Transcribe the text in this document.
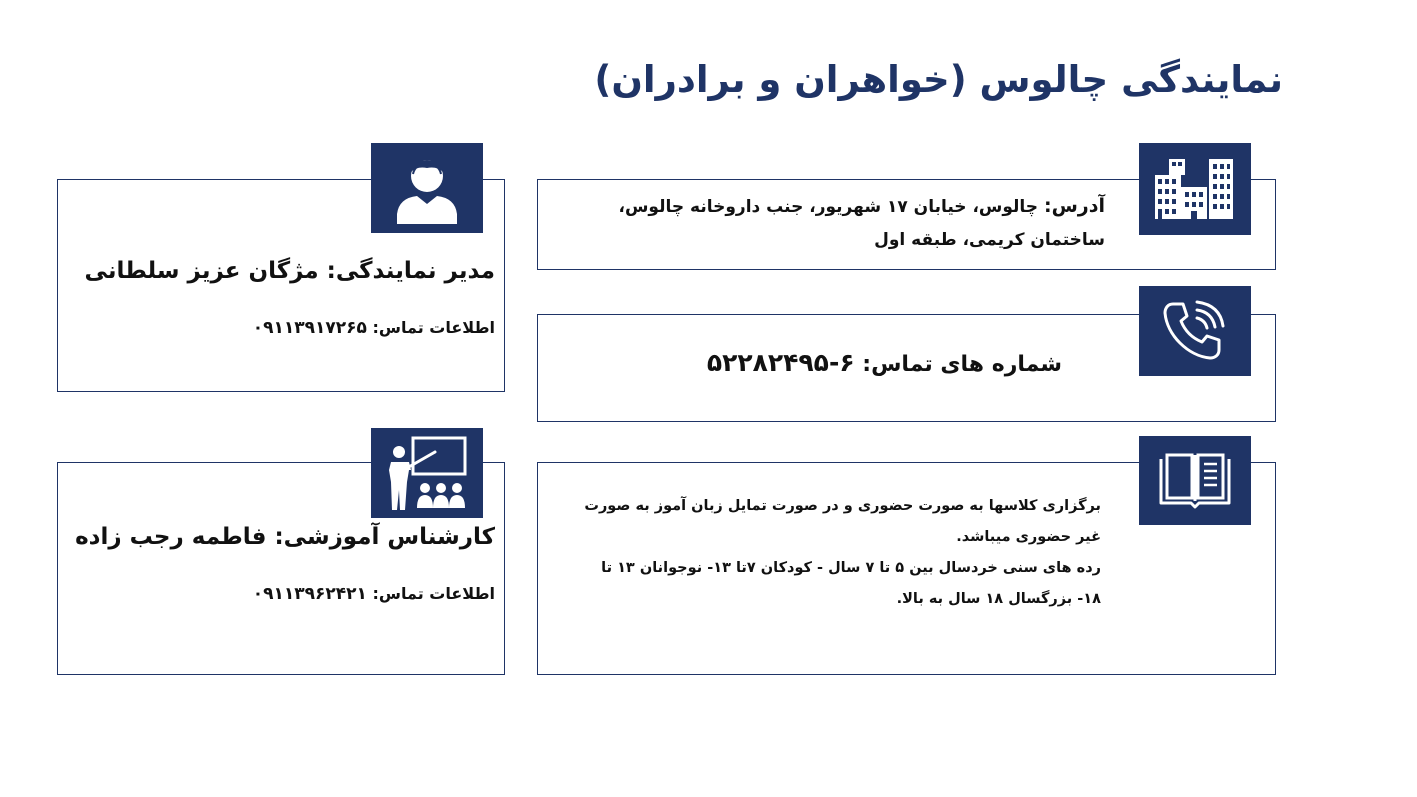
نمایندگی چالوس (خواهران و برادران)
آدرس: چالوس، خیابان ۱۷ شهریور، جنب داروخانه چالوس، ساختمان کریمی، طبقه اول
شماره های تماس: ۶-۵۲۲۸۲۴۹۵
برگزاری کلاسها به صورت حضوری و در صورت تمایل زبان آموز به صورت غیر حضوری میباشد.
رده های سنی خردسال بین ۵ تا ۷ سال - کودکان ۷تا ۱۳- نوجوانان ۱۳ تا ۱۸- بزرگسال ۱۸ سال به بالا.
مدیر نمایندگی: مژگان عزیز سلطانی
اطلاعات تماس: ۰۹۱۱۳۹۱۷۲۶۵
کارشناس آموزشی: فاطمه رجب زاده
اطلاعات تماس: ۰۹۱۱۳۹۶۲۴۲۱
